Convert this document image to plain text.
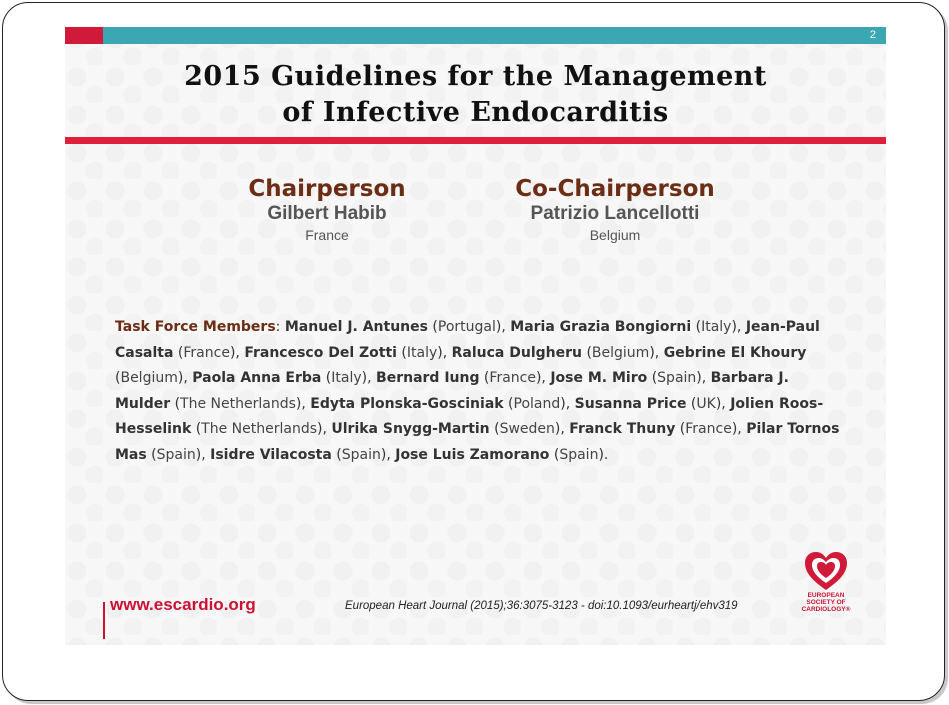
2
2015 Guidelines for the Management
of Infective Endocarditis
Chairperson
Gilbert Habib
France
Co-Chairperson
Patrizio Lancellotti
Belgium
Task Force Members: Manuel J. Antunes (Portugal), Maria Grazia Bongiorni (Italy), Jean-Paul Casalta (France), Francesco Del Zotti (Italy), Raluca Dulgheru (Belgium), Gebrine El Khoury (Belgium), Paola Anna Erba (Italy), Bernard Iung (France), Jose M. Miro (Spain), Barbara J. Mulder (The Netherlands), Edyta Plonska-Gosciniak (Poland), Susanna Price (UK), Jolien Roos-Hesselink (The Netherlands), Ulrika Snygg-Martin (Sweden), Franck Thuny (France), Pilar Tornos Mas (Spain), Isidre Vilacosta (Spain), Jose Luis Zamorano (Spain).
www.escardio.org	European Heart Journal (2015);36:3075-3123 - doi:10.1093/eurheartj/ehv319
EUROPEAN
SOCIETY OF
CARDIOLOGY®
